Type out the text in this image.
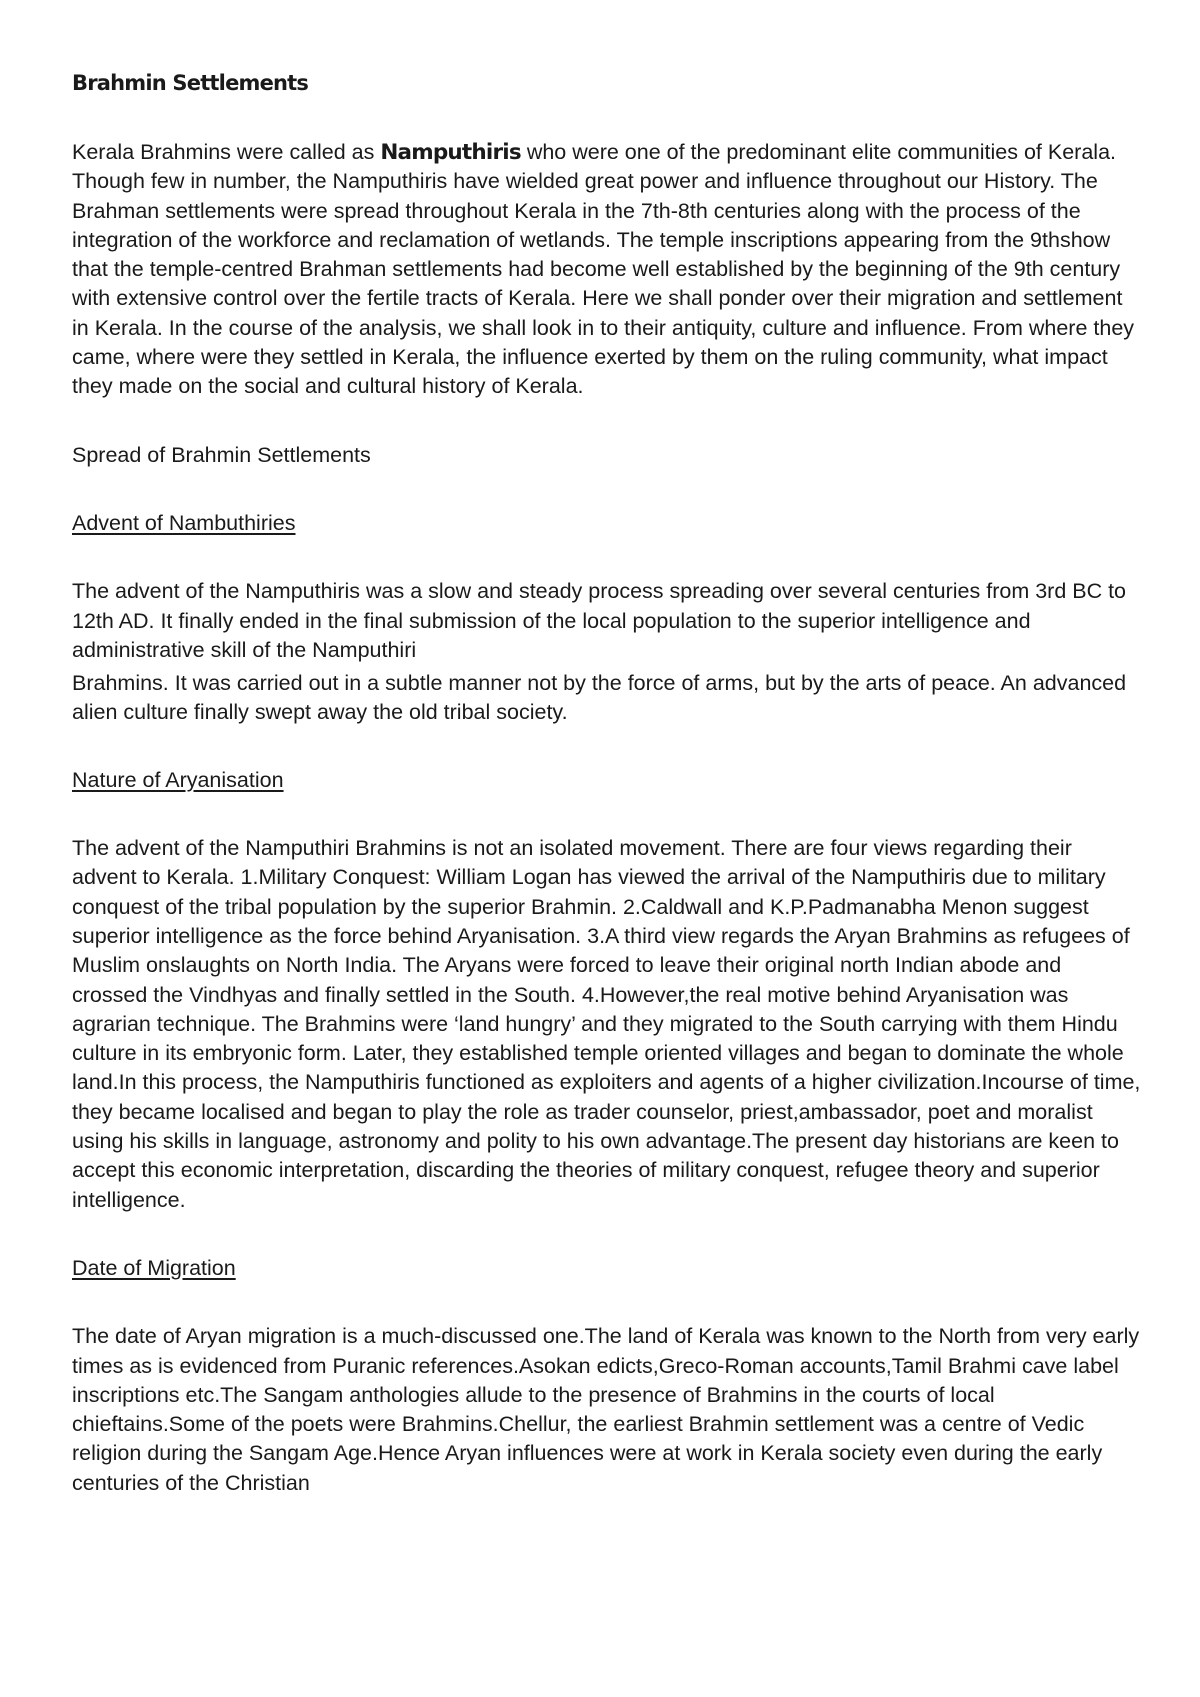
Brahmin Settlements

Kerala Brahmins were called as Namputhiris who were one of the predominant elite communities of Kerala. Though few in number, the Namputhiris have wielded great power and influence throughout our History. The Brahman settlements were spread throughout Kerala in the 7th-8th centuries along with the process of the integration of the workforce and reclamation of wetlands. The temple inscriptions appearing from the 9thshow that the temple-centred Brahman settlements had become well established by the beginning of the 9th century with extensive control over the fertile tracts of Kerala. Here we shall ponder over their migration and settlement in Kerala. In the course of the analysis, we shall look in to their antiquity, culture and influence. From where they came, where were they settled in Kerala, the influence exerted by them on the ruling community, what impact they made on the social and cultural history of Kerala.

Spread of Brahmin Settlements

Advent of Nambuthiries

The advent of the Namputhiris was a slow and steady process spreading over several centuries from 3rd BC to 12th AD. It finally ended in the final submission of the local population to the superior intelligence and administrative skill of the Namputhiri

Brahmins. It was carried out in a subtle manner not by the force of arms, but by the arts of peace. An advanced alien culture finally swept away the old tribal society.

Nature of Aryanisation

The advent of the Namputhiri Brahmins is not an isolated movement. There are four views regarding their advent to Kerala. 1.Military Conquest: William Logan has viewed the arrival of the Namputhiris due to military conquest of the tribal population by the superior Brahmin. 2.Caldwall and K.P.Padmanabha Menon suggest superior intelligence as the force behind Aryanisation. 3.A third view regards the Aryan Brahmins as refugees of Muslim onslaughts on North India. The Aryans were forced to leave their original north Indian abode and crossed the Vindhyas and finally settled in the South. 4.However,the real motive behind Aryanisation was agrarian technique. The Brahmins were ‘land hungry’ and they migrated to the South carrying with them Hindu culture in its embryonic form. Later, they established temple oriented villages and began to dominate the whole land.In this process, the Namputhiris functioned as exploiters and agents of a higher civilization.Incourse of time, they became localised and began to play the role as trader counselor, priest,ambassador, poet and moralist using his skills in language, astronomy and polity to his own advantage.The present day historians are keen to accept this economic interpretation, discarding the theories of military conquest, refugee theory and superior intelligence.

Date of Migration

The date of Aryan migration is a much-discussed one.The land of Kerala was known to the North from very early times as is evidenced from Puranic references.Asokan edicts,Greco-Roman accounts,Tamil Brahmi cave label inscriptions etc.The Sangam anthologies allude to the presence of Brahmins in the courts of local chieftains.Some of the poets were Brahmins.Chellur, the earliest Brahmin settlement was a centre of Vedic religion during the Sangam Age.Hence Aryan influences were at work in Kerala society even during the early centuries of the Christian
